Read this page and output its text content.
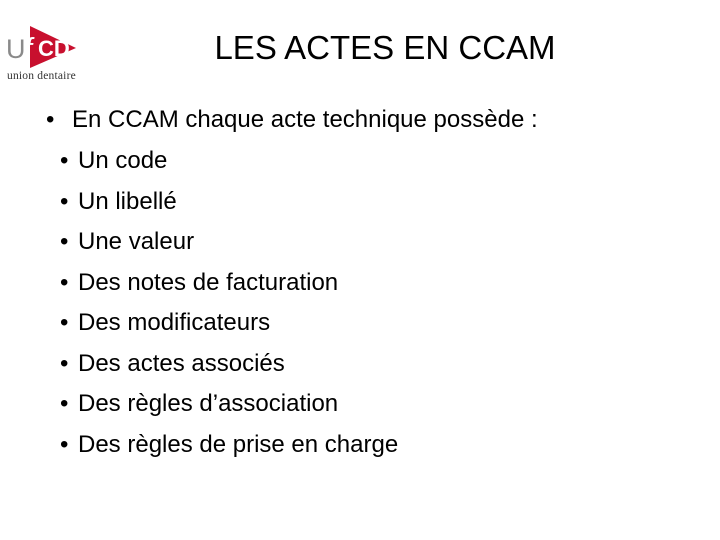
U
f CD
union dentaire
LES ACTES EN CCAM
• En CCAM chaque acte technique possède :
• Un code
• Un libellé
• Une valeur
• Des notes de facturation
• Des modificateurs
• Des actes associés
• Des règles d’association
• Des règles de prise en charge
